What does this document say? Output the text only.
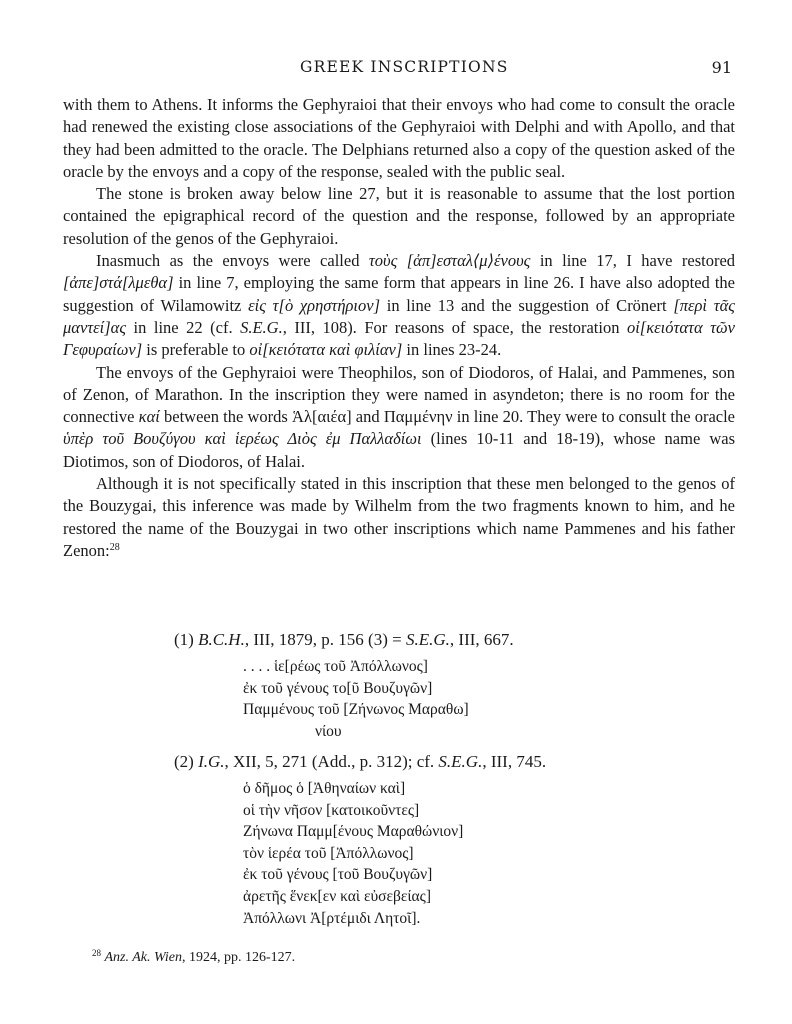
GREEK INSCRIPTIONS	91

with them to Athens. It informs the Gephyraioi that their envoys who had come to consult the oracle had renewed the existing close associations of the Gephyraioi with Delphi and with Apollo, and that they had been admitted to the oracle. The Delphians returned also a copy of the question asked of the oracle by the envoys and a copy of the response, sealed with the public seal.

The stone is broken away below line 27, but it is reasonable to assume that the lost portion contained the epigraphical record of the question and the response, followed by an appropriate resolution of the genos of the Gephyraioi.

Inasmuch as the envoys were called τοὺς [ἀπ]εσταλ⟨μ⟩ένους in line 17, I have restored [ἀπε]στά[λμεθα] in line 7, employing the same form that appears in line 26. I have also adopted the suggestion of Wilamowitz εἰς τ[ὸ χρηστήριον] in line 13 and the suggestion of Crönert [περὶ τᾶς μαντεί]ας in line 22 (cf. S.E.G., III, 108). For reasons of space, the restoration οἰ[κειότατα τῶν Γεφυραίων] is preferable to οἰ[κειότατα καὶ φιλίαν] in lines 23-24.

The envoys of the Gephyraioi were Theophilos, son of Diodoros, of Halai, and Pammenes, son of Zenon, of Marathon. In the inscription they were named in asyndeton; there is no room for the connective καί between the words Ἁλ[αιέα] and Παμμένην in line 20. They were to consult the oracle ὑπὲρ τοῦ Βουζύγου καὶ ἱερέως Διὸς ἐμ Παλλαδίωι (lines 10-11 and 18-19), whose name was Diotimos, son of Diodoros, of Halai.

Although it is not specifically stated in this inscription that these men belonged to the genos of the Bouzygai, this inference was made by Wilhelm from the two fragments known to him, and he restored the name of the Bouzygai in two other inscriptions which name Pammenes and his father Zenon:$^{28}$

(1) B.C.H., III, 1879, p. 156 (3) = S.E.G., III, 667.
. . . . ἱε[ρέως τοῦ Ἀπόλλωνος]
ἐκ τοῦ γένους το[ῦ Βουζυγῶν]
Παμμένους τοῦ [Ζήνωνος Μαραθω]
νίου
(2) I.G., XII, 5, 271 (Add., p. 312); cf. S.E.G., III, 745.
ὁ δῆμος ὁ [Ἀθηναίων καὶ]
οἱ τὴν νῆσον [κατοικοῦντες]
Ζήνωνα Παμμ[ένους Μαραθώνιον]
τὸν ἱερέα τοῦ [Ἀπόλλωνος]
ἐκ τοῦ γένους [τοῦ Βουζυγῶν]
ἀρετῆς ἕνεκ[εν καὶ εὐσεβείας]
Ἀπόλλωνι Ἀ[ρτέμιδι Λητοῖ].
$^{28}$ Anz. Ak. Wien, 1924, pp. 126-127.
